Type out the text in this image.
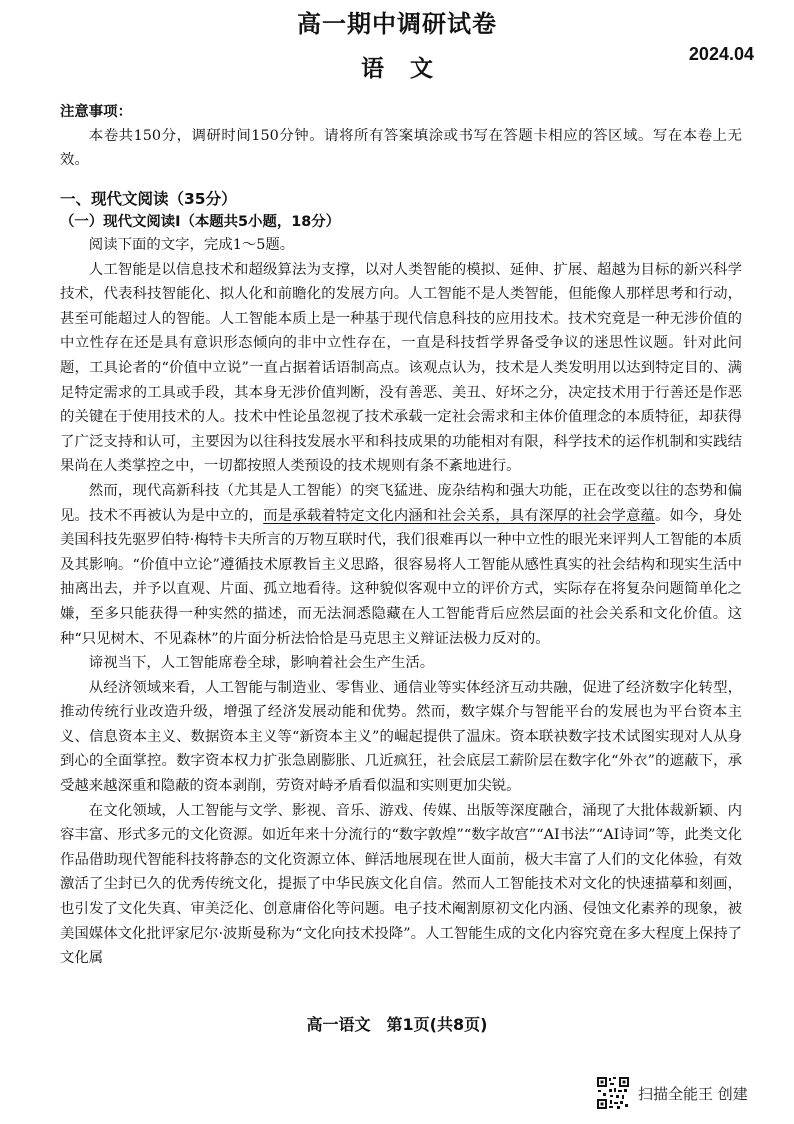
高一期中调研试卷
语文
2024.04
注意事项：
本卷共150分，调研时间150分钟。请将所有答案填涂或书写在答题卡相应的答区域。写在本卷上无效。
一、现代文阅读（35分）
（一）现代文阅读Ⅰ（本题共5小题，18分）
阅读下面的文字，完成1～5题。

人工智能是以信息技术和超级算法为支撑，以对人类智能的模拟、延伸、扩展、超越为目标的新兴科学技术，代表科技智能化、拟人化和前瞻化的发展方向。人工智能不是人类智能，但能像人那样思考和行动，甚至可能超过人的智能。人工智能本质上是一种基于现代信息科技的应用技术。技术究竟是一种无涉价值的中立性存在还是具有意识形态倾向的非中立性存在，一直是科技哲学界备受争议的迷思性议题。针对此问题，工具论者的“价值中立说”一直占据着话语制高点。该观点认为，技术是人类发明用以达到特定目的、满足特定需求的工具或手段，其本身无涉价值判断，没有善恶、美丑、好坏之分，决定技术用于行善还是作恶的关键在于使用技术的人。技术中性论虽忽视了技术承载一定社会需求和主体价值理念的本质特征，却获得了广泛支持和认可，主要因为以往科技发展水平和科技成果的功能相对有限，科学技术的运作机制和实践结果尚在人类掌控之中，一切都按照人类预设的技术规则有条不紊地进行。

然而，现代高新科技（尤其是人工智能）的突飞猛进、庞杂结构和强大功能，正在改变以往的态势和偏见。技术不再被认为是中立的，而是承载着特定文化内涵和社会关系，具有深厚的社会学意蕴。如今，身处美国科技先驱罗伯特·梅特卡夫所言的万物互联时代，我们很难再以一种中立性的眼光来评判人工智能的本质及其影响。“价值中立论”遵循技术原教旨主义思路，很容易将人工智能从感性真实的社会结构和现实生活中抽离出去，并予以直观、片面、孤立地看待。这种貌似客观中立的评价方式，实际存在将复杂问题简单化之嫌，至多只能获得一种实然的描述，而无法洞悉隐藏在人工智能背后应然层面的社会关系和文化价值。这种“只见树木、不见森林”的片面分析法恰恰是马克思主义辩证法极力反对的。

谛视当下，人工智能席卷全球，影响着社会生产生活。

从经济领域来看，人工智能与制造业、零售业、通信业等实体经济互动共融，促进了经济数字化转型，推动传统行业改造升级，增强了经济发展动能和优势。然而，数字媒介与智能平台的发展也为平台资本主义、信息资本主义、数据资本主义等“新资本主义”的崛起提供了温床。资本联袂数字技术试图实现对人从身到心的全面掌控。数字资本权力扩张急剧膨胀、几近疯狂，社会底层工薪阶层在数字化“外衣”的遮蔽下，承受越来越深重和隐蔽的资本剥削，劳资对峙矛盾看似温和实则更加尖锐。

在文化领域，人工智能与文学、影视、音乐、游戏、传媒、出版等深度融合，涌现了大批体裁新颖、内容丰富、形式多元的文化资源。如近年来十分流行的“数字敦煌”“数字故宫”“AI书法”“AI诗词”等，此类文化作品借助现代智能科技将静态的文化资源立体、鲜活地展现在世人面前，极大丰富了人们的文化体验，有效激活了尘封已久的优秀传统文化，提振了中华民族文化自信。然而人工智能技术对文化的快速描摹和刻画，也引发了文化失真、审美泛化、创意庸俗化等问题。电子技术阉割原初文化内涵、侵蚀文化素养的现象，被美国媒体文化批评家尼尔·波斯曼称为“文化向技术投降”。人工智能生成的文化内容究竟在多大程度上保持了文化属

高一语文　第1页(共8页)
扫描全能王 创建
